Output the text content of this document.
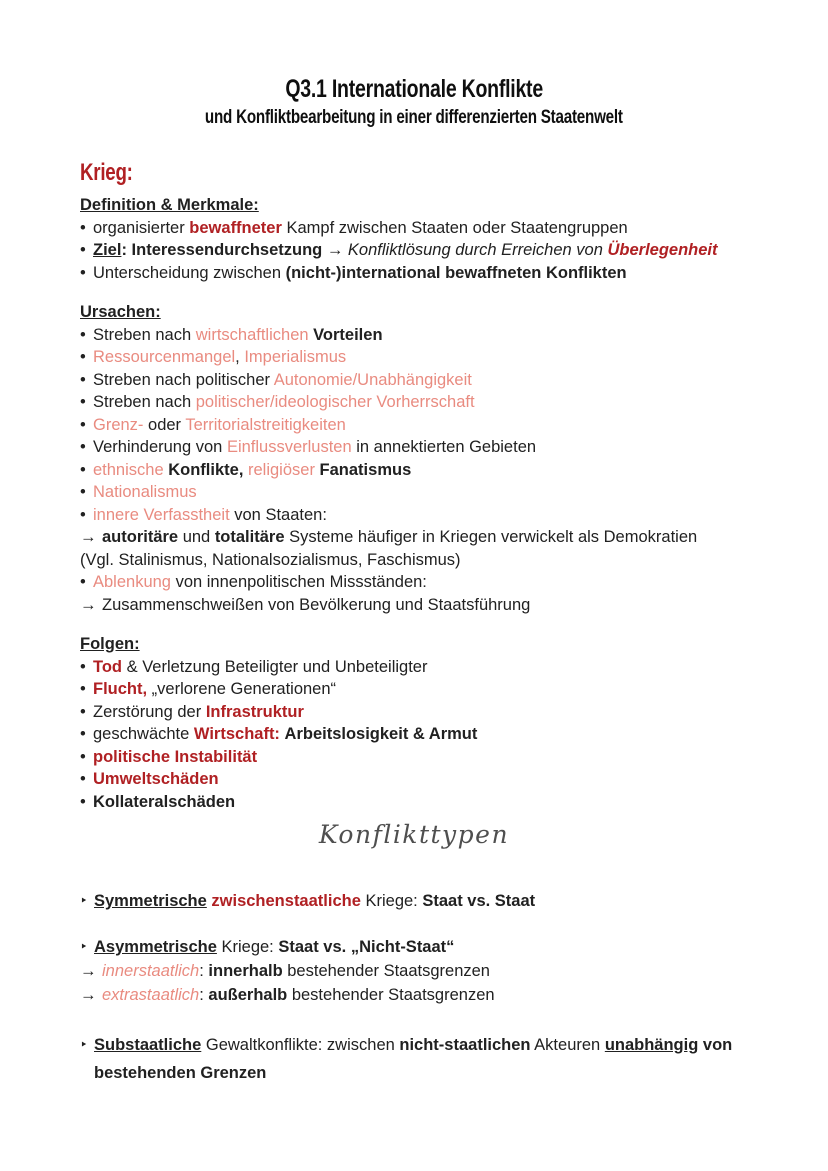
Q3.1 Internationale Konflikte
und Konfliktbearbeitung in einer differenzierten Staatenwelt
Krieg:
Definition & Merkmale:
• organisierter bewaffneter Kampf zwischen Staaten oder Staatengruppen
• Ziel: Interessendurchsetzung → Konfliktlösung durch Erreichen von Überlegenheit
• Unterscheidung zwischen (nicht-)international bewaffneten Konflikten
Ursachen:
• Streben nach wirtschaftlichen Vorteilen
• Ressourcenmangel, Imperialismus
• Streben nach politischer Autonomie/Unabhängigkeit
• Streben nach politischer/ideologischer Vorherrschaft
• Grenz- oder Territorialstreitigkeiten
• Verhinderung von Einflussverlusten in annektierten Gebieten
• ethnische Konflikte, religiöser Fanatismus
• Nationalismus
• innere Verfasstheit von Staaten:
→ autoritäre und totalitäre Systeme häufiger in Kriegen verwickelt als Demokratien
(Vgl. Stalinismus, Nationalsozialismus, Faschismus)
• Ablenkung von innenpolitischen Missständen:
→ Zusammenschweißen von Bevölkerung und Staatsführung
Folgen:
• Tod & Verletzung Beteiligter und Unbeteiligter
• Flucht, „verlorene Generationen“
• Zerstörung der Infrastruktur
• geschwächte Wirtschaft: Arbeitslosigkeit & Armut
• politische Instabilität
• Umweltschäden
• Kollateralschäden
Konflikttypen
‣ Symmetrische zwischenstaatliche Kriege: Staat vs. Staat
‣ Asymmetrische Kriege: Staat vs. „Nicht-Staat“
→ innerstaatlich: innerhalb bestehender Staatsgrenzen
→ extrastaatlich: außerhalb bestehender Staatsgrenzen
‣ Substaatliche Gewaltkonflikte: zwischen nicht-staatlichen Akteuren unabhängig von
bestehenden Grenzen
